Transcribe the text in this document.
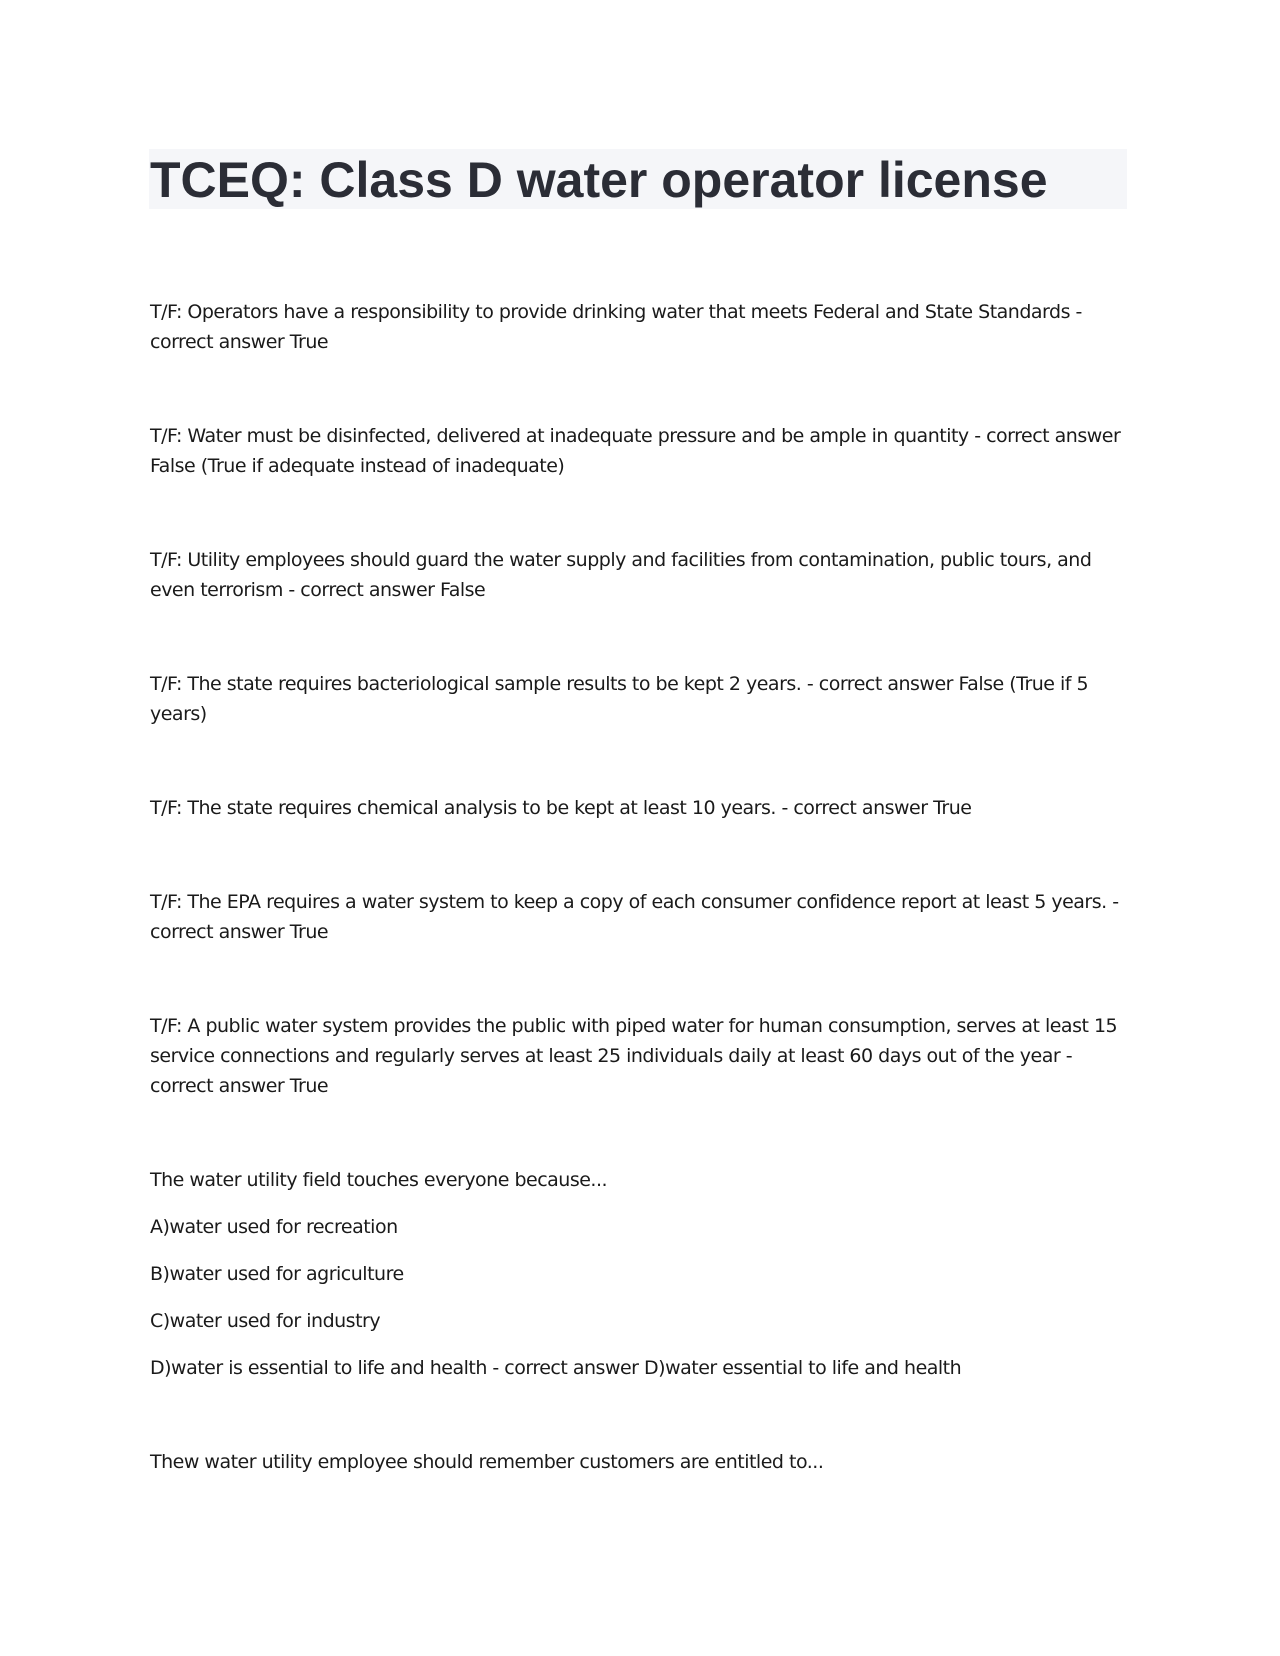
TCEQ: Class D water operator license

T/F: Operators have a responsibility to provide drinking water that meets Federal and State Standards - correct answer True

T/F: Water must be disinfected, delivered at inadequate pressure and be ample in quantity - correct answer False (True if adequate instead of inadequate)

T/F: Utility employees should guard the water supply and facilities from contamination, public tours, and even terrorism - correct answer False

T/F: The state requires bacteriological sample results to be kept 2 years. - correct answer False (True if 5 years)

T/F: The state requires chemical analysis to be kept at least 10 years. - correct answer True

T/F: The EPA requires a water system to keep a copy of each consumer confidence report at least 5 years. - correct answer True

T/F: A public water system provides the public with piped water for human consumption, serves at least 15 service connections and regularly serves at least 25 individuals daily at least 60 days out of the year - correct answer True

The water utility field touches everyone because...

A)water used for recreation

B)water used for agriculture

C)water used for industry

D)water is essential to life and health - correct answer D)water essential to life and health

Thew water utility employee should remember customers are entitled to...
